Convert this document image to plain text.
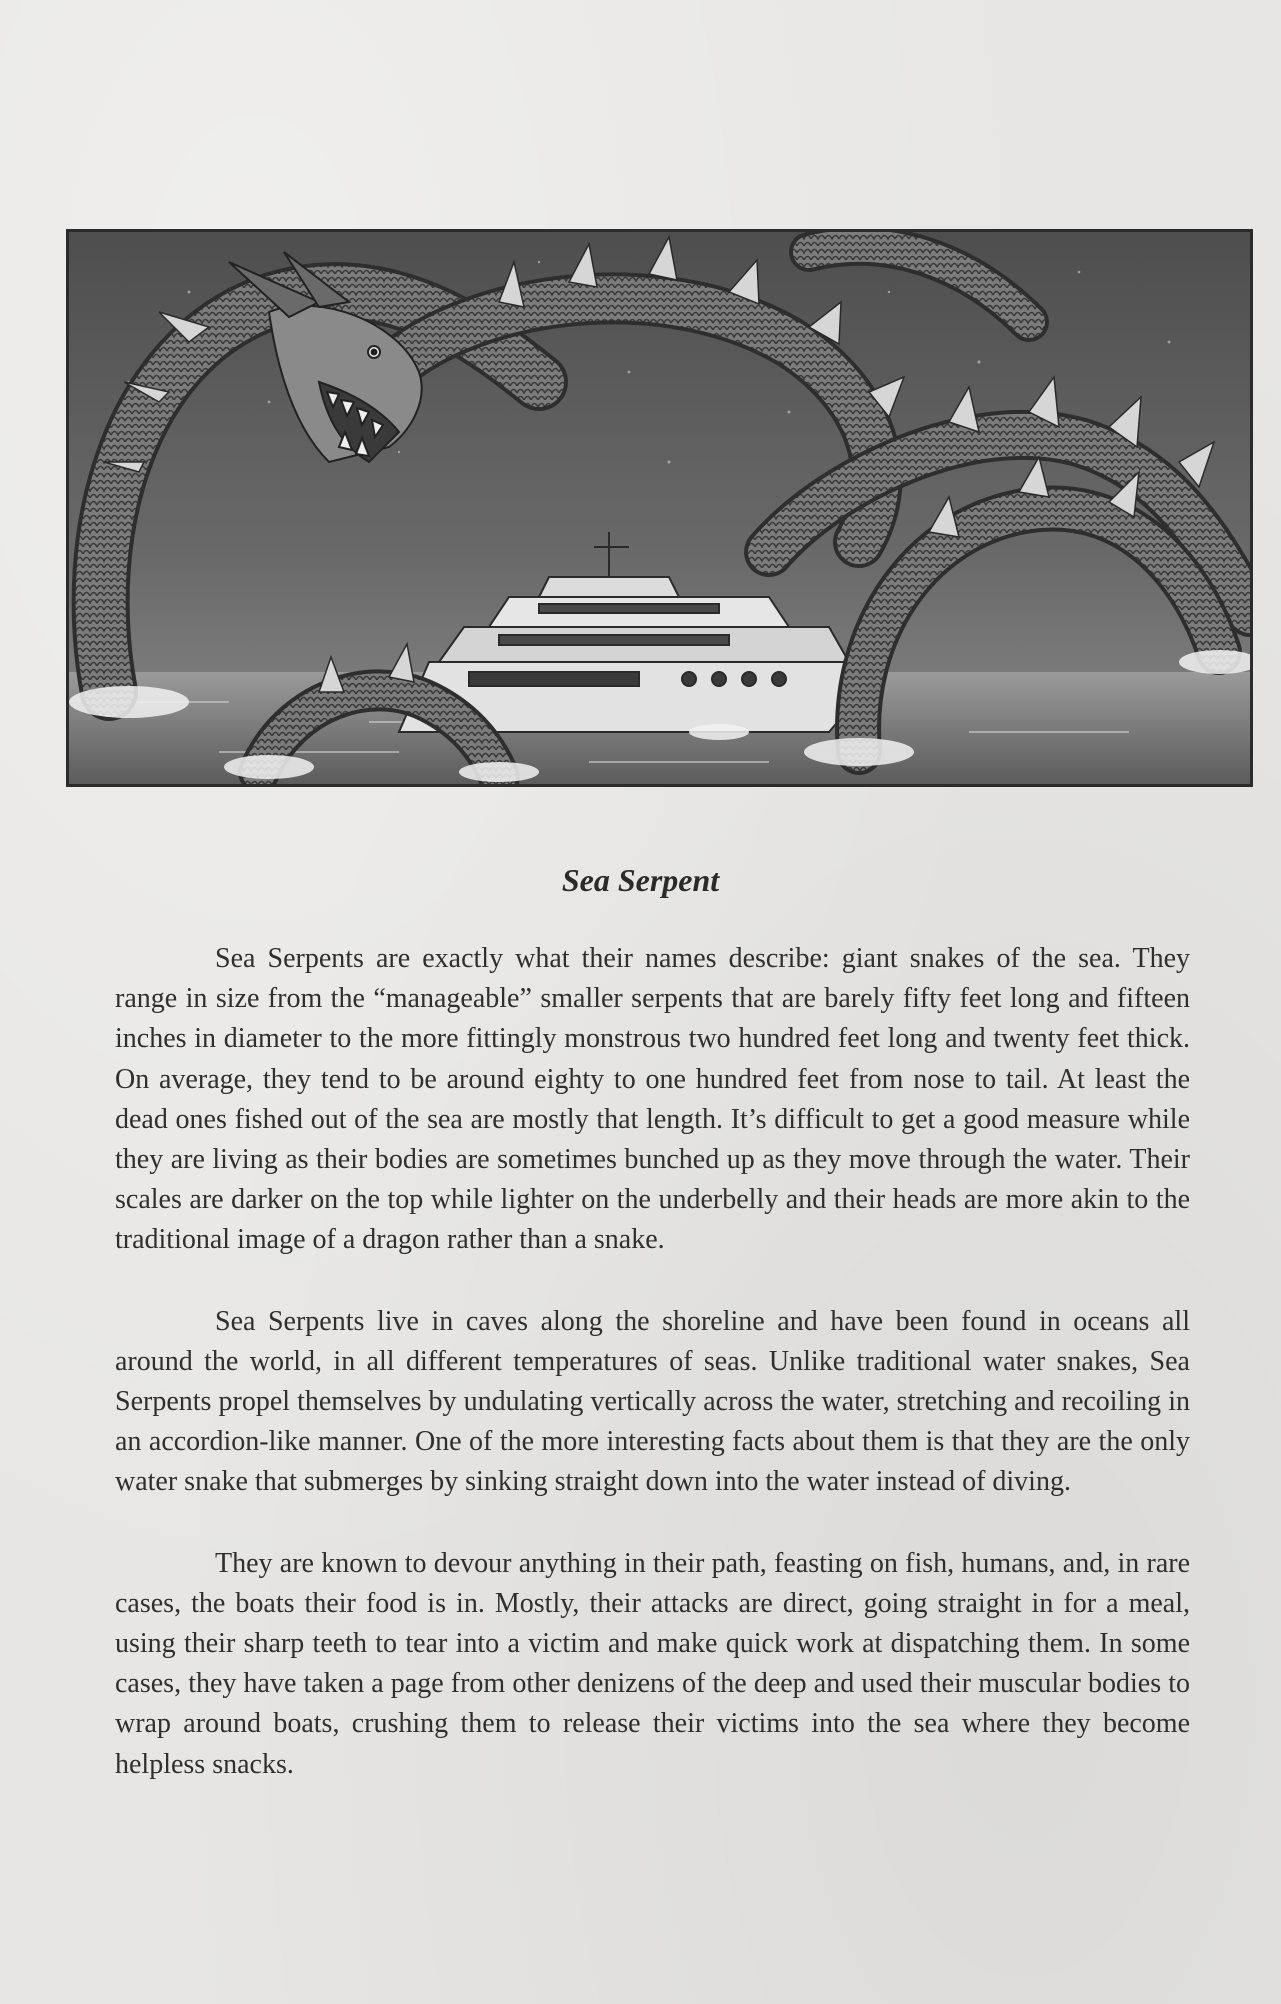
Sea Serpent

Sea Serpents are exactly what their names describe: giant snakes of the sea. They range in size from the “manageable” smaller serpents that are barely fifty feet long and fifteen inches in diameter to the more fittingly monstrous two hundred feet long and twenty feet thick. On average, they tend to be around eighty to one hundred feet from nose to tail. At least the dead ones fished out of the sea are mostly that length. It’s difficult to get a good measure while they are living as their bodies are sometimes bunched up as they move through the water. Their scales are darker on the top while lighter on the underbelly and their heads are more akin to the traditional image of a dragon rather than a snake.

Sea Serpents live in caves along the shoreline and have been found in oceans all around the world, in all different temperatures of seas. Unlike traditional water snakes, Sea Serpents propel themselves by undulating vertically across the water, stretching and recoiling in an accordion-like manner. One of the more interesting facts about them is that they are the only water snake that submerges by sinking straight down into the water instead of diving.

They are known to devour anything in their path, feasting on fish, humans, and, in rare cases, the boats their food is in. Mostly, their attacks are direct, going straight in for a meal, using their sharp teeth to tear into a victim and make quick work at dispatching them. In some cases, they have taken a page from other denizens of the deep and used their muscular bodies to wrap around boats, crushing them to release their victims into the sea where they become helpless snacks.
